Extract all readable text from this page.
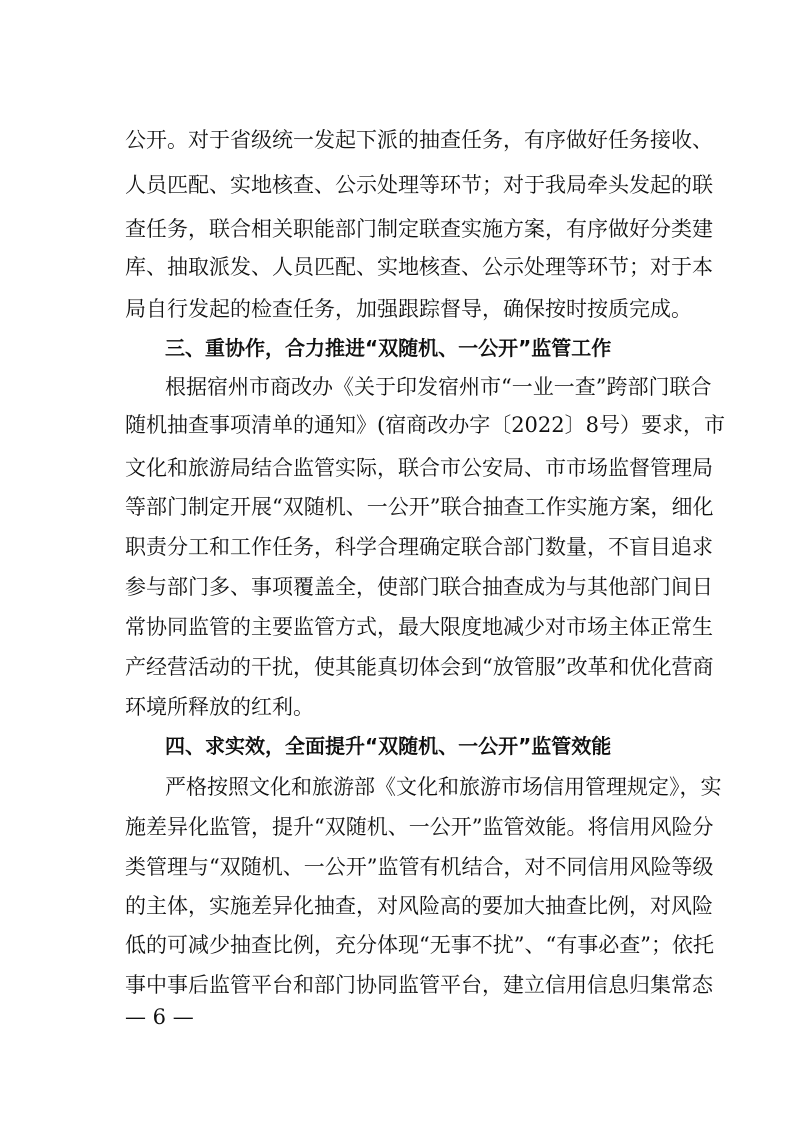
公开。对于省级统一发起下派的抽查任务，有序做好任务接收、
人员匹配、实地核查、公示处理等环节；对于我局牵头发起的联
查任务，联合相关职能部门制定联查实施方案，有序做好分类建
库、抽取派发、人员匹配、实地核查、公示处理等环节；对于本
局自行发起的检查任务，加强跟踪督导，确保按时按质完成。
三、重协作，合力推进“双随机、一公开”监管工作
根据宿州市商改办《关于印发宿州市“一业一查”跨部门联合
随机抽查事项清单的通知》(宿商改办字〔2022〕8号）要求，市
文化和旅游局结合监管实际，联合市公安局、市市场监督管理局
等部门制定开展“双随机、一公开”联合抽查工作实施方案，细化
职责分工和工作任务，科学合理确定联合部门数量，不盲目追求
参与部门多、事项覆盖全，使部门联合抽查成为与其他部门间日
常协同监管的主要监管方式，最大限度地减少对市场主体正常生
产经营活动的干扰，使其能真切体会到“放管服”改革和优化营商
环境所释放的红利。
四、求实效，全面提升“双随机、一公开”监管效能
严格按照文化和旅游部《文化和旅游市场信用管理规定》，实
施差异化监管，提升“双随机、一公开”监管效能。将信用风险分
类管理与“双随机、一公开”监管有机结合，对不同信用风险等级
的主体，实施差异化抽查，对风险高的要加大抽查比例，对风险
低的可减少抽查比例，充分体现“无事不扰”、“有事必查”；依托
事中事后监管平台和部门协同监管平台，建立信用信息归集常态
— 6 —
